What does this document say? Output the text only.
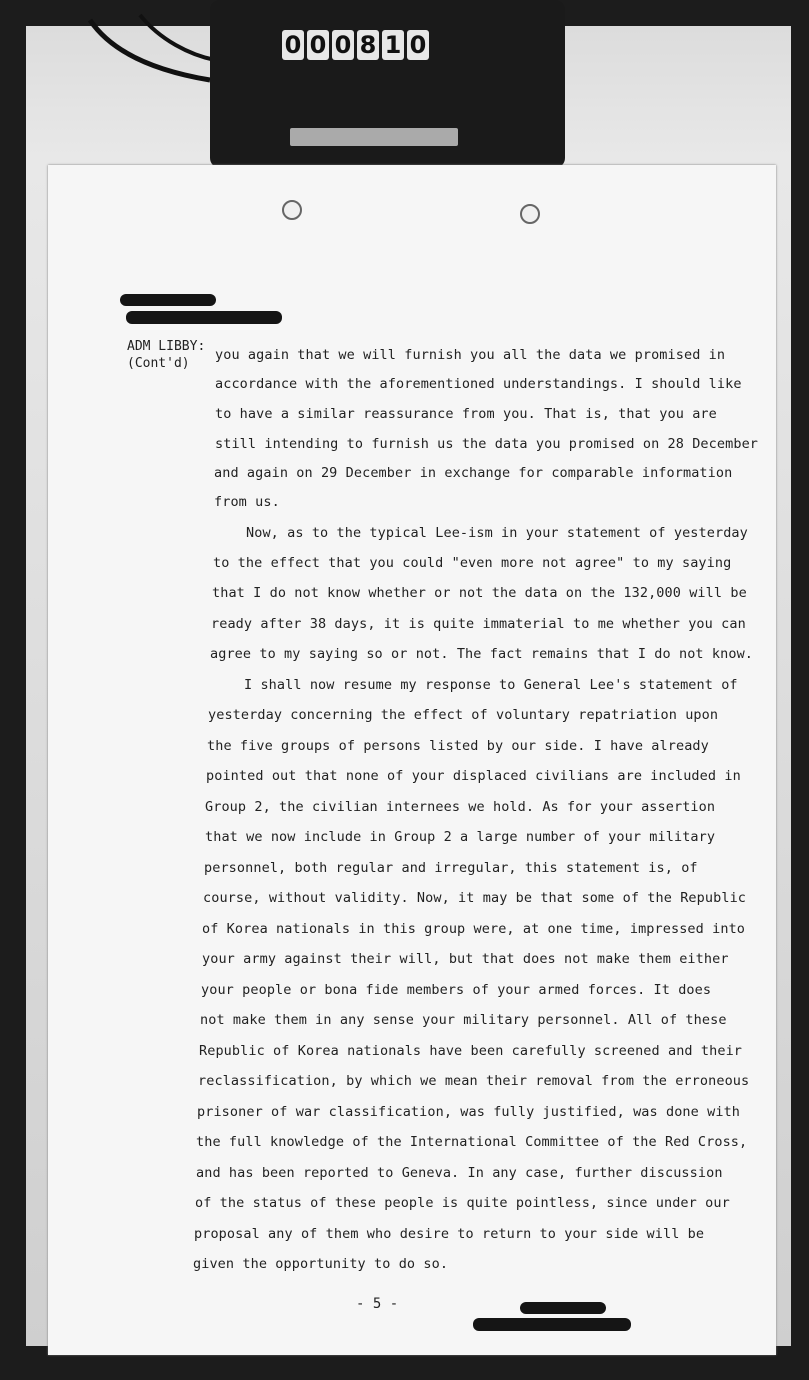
0 0 0 8 1 0
ADM LIBBY:
(Cont'd)
you again that we will furnish you all the data we promised in
accordance with the aforementioned understandings. I should like
to have a similar reassurance from you. That is, that you are
still intending to furnish us the data you promised on 28 December
and again on 29 December in exchange for comparable information
from us.
Now, as to the typical Lee-ism in your statement of yesterday
to the effect that you could "even more not agree" to my saying
that I do not know whether or not the data on the 132,000 will be
ready after 38 days, it is quite immaterial to me whether you can
agree to my saying so or not. The fact remains that I do not know.
I shall now resume my response to General Lee's statement of
yesterday concerning the effect of voluntary repatriation upon
the five groups of persons listed by our side. I have already
pointed out that none of your displaced civilians are included in
Group 2, the civilian internees we hold. As for your assertion
that we now include in Group 2 a large number of your military
personnel, both regular and irregular, this statement is, of
course, without validity. Now, it may be that some of the Republic
of Korea nationals in this group were, at one time, impressed into
your army against their will, but that does not make them either
your people or bona fide members of your armed forces. It does
not make them in any sense your military personnel. All of these
Republic of Korea nationals have been carefully screened and their
reclassification, by which we mean their removal from the erroneous
prisoner of war classification, was fully justified, was done with
the full knowledge of the International Committee of the Red Cross,
and has been reported to Geneva. In any case, further discussion
of the status of these people is quite pointless, since under our
proposal any of them who desire to return to your side will be
given the opportunity to do so.
- 5 -
